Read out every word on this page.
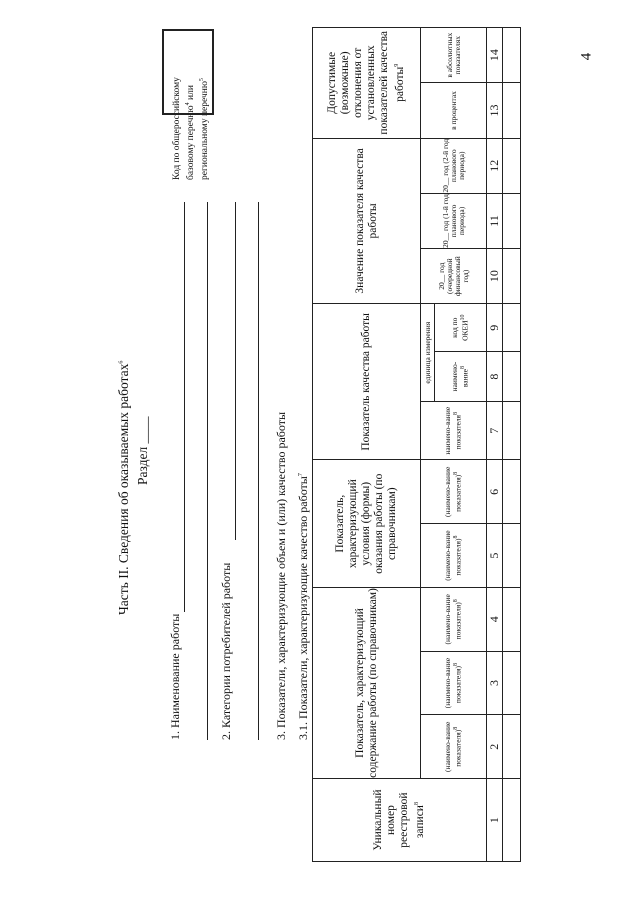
4
Часть II. Сведения об оказываемых работах$^6$
Раздел ____
1. Наименование работы	2. Категории потребителей работы
Код по общероссийскому базовому перечню$^4$ или региональному перечню$^5$
3. Показатели, характеризующие объем и (или) качество работы 3.1. Показатели, характеризующие качество работы$^7$
Уникальный номер реестровой записи$^8$	Показатель, характеризующий содержание работы (по справочникам)			Показатель, характеризующий условия (формы) оказания работы (по справочникам)		Показатель качества работы			Значение показателя качества работы			Допустимые (возможные) отклонения от установленных показателей качества работы$^9$
	(наимено-вание показателя)$^8$	(наимено-вание показателя)$^8$	(наимено-вание показателя)$^8$	(наимено-вание показателя)$^8$	(наимено-вание показателя)$^8$	наимено-вание показателя$^8$	единица измерения		20__ год (очередной финансовый год)	20__ год (1-й год планового периода)	20__ год (2-й год планового периода)	в процентах	в абсолютных показателях
							наимено-вание$^8$	код по ОКЕИ$^{10}$
1	2	3	4	5	6	7	8	9	10	11	12	13	14
